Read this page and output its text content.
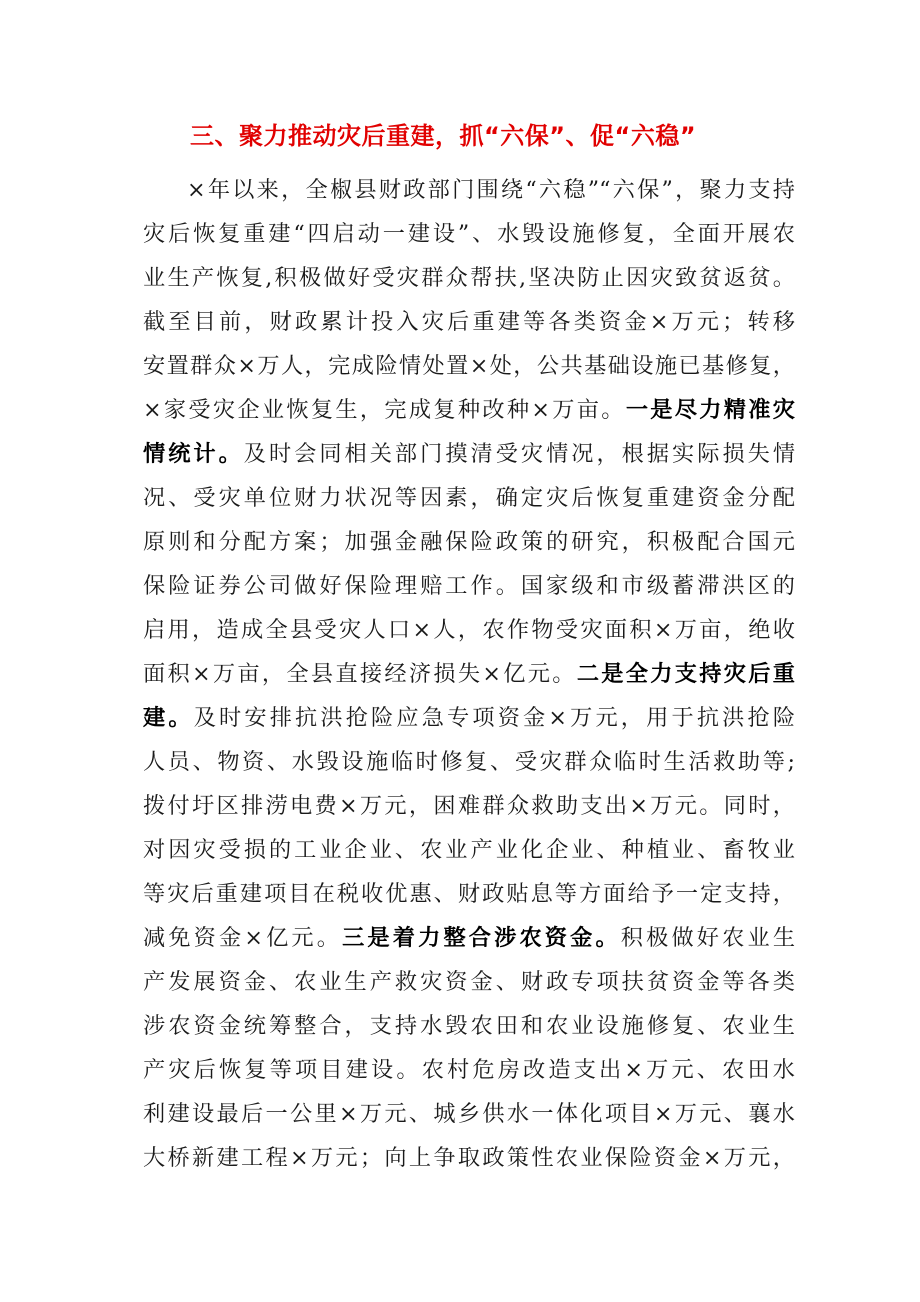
三、聚力推动灾后重建，抓“六保”、促“六稳”
×年以来，全椒县财政部门围绕“六稳”“六保”，聚力支持
灾后恢复重建“四启动一建设”、水毁设施修复，全面开展农
业生产恢复,积极做好受灾群众帮扶,坚决防止因灾致贫返贫。
截至目前，财政累计投入灾后重建等各类资金×万元；转移
安置群众×万人，完成险情处置×处，公共基础设施已基修复，
×家受灾企业恢复生，完成复种改种×万亩。一是尽力精准灾
情统计。及时会同相关部门摸清受灾情况，根据实际损失情
况、受灾单位财力状况等因素，确定灾后恢复重建资金分配
原则和分配方案；加强金融保险政策的研究，积极配合国元
保险证券公司做好保险理赔工作。国家级和市级蓄滞洪区的
启用，造成全县受灾人口×人，农作物受灾面积×万亩，绝收
面积×万亩，全县直接经济损失×亿元。二是全力支持灾后重
建。及时安排抗洪抢险应急专项资金×万元，用于抗洪抢险
人员、物资、水毁设施临时修复、受灾群众临时生活救助等;
拨付圩区排涝电费×万元，困难群众救助支出×万元。同时，
对因灾受损的工业企业、农业产业化企业、种植业、畜牧业
等灾后重建项目在税收优惠、财政贴息等方面给予一定支持，
减免资金×亿元。三是着力整合涉农资金。积极做好农业生
产发展资金、农业生产救灾资金、财政专项扶贫资金等各类
涉农资金统筹整合，支持水毁农田和农业设施修复、农业生
产灾后恢复等项目建设。农村危房改造支出×万元、农田水
利建设最后一公里×万元、城乡供水一体化项目×万元、襄水
大桥新建工程×万元；向上争取政策性农业保险资金×万元，
